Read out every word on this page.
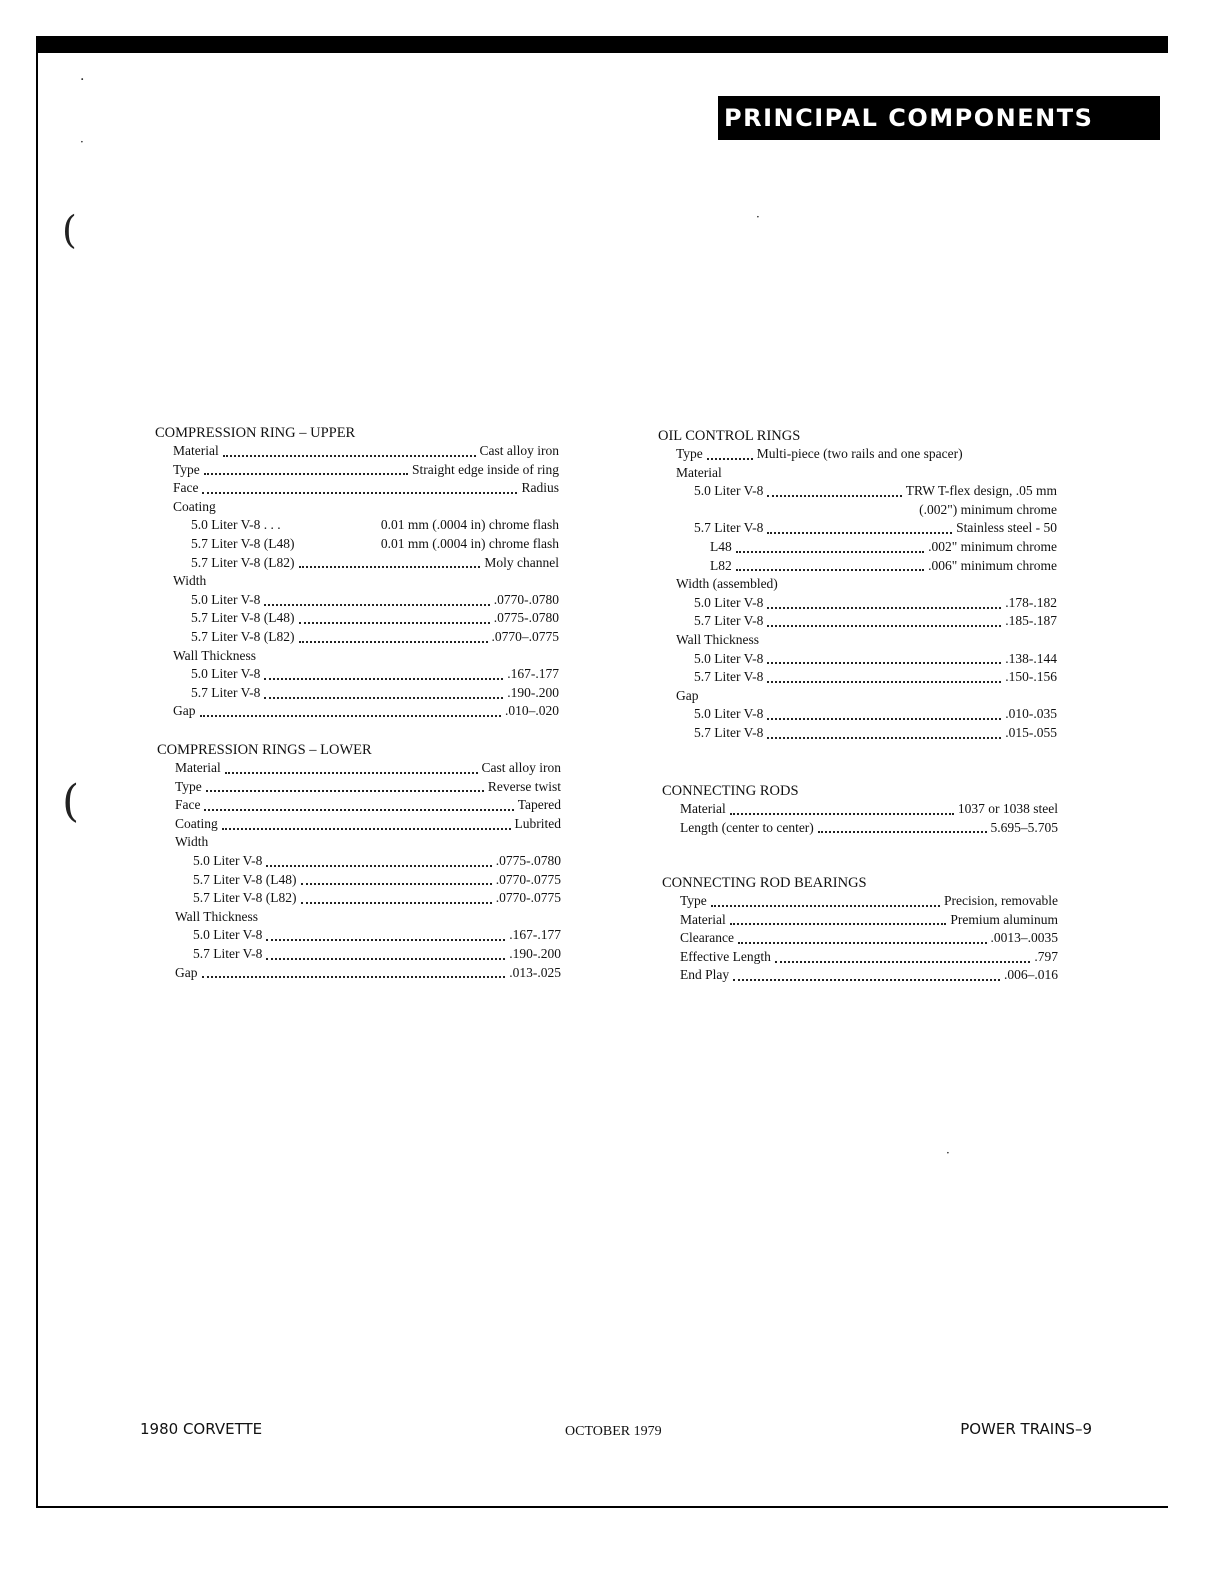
PRINCIPAL COMPONENTS
(
(
·
·
·
·
COMPRESSION RING – UPPER
Material	Cast alloy iron
Type	Straight edge inside of ring
Face	Radius
Coating
5.0 Liter V-8 . . .	0.01 mm (.0004 in) chrome flash
5.7 Liter V-8 (L48)	0.01 mm (.0004 in) chrome flash
5.7 Liter V-8 (L82)	Moly channel
Width
5.0 Liter V-8	.0770-.0780
5.7 Liter V-8 (L48)	.0775-.0780
5.7 Liter V-8 (L82)	.0770–.0775
Wall Thickness
5.0 Liter V-8	.167-.177
5.7 Liter V-8	.190-.200
Gap	.010–.020
COMPRESSION RINGS – LOWER
Material	Cast alloy iron
Type	Reverse twist
Face	Tapered
Coating	Lubrited
Width
5.0 Liter V-8	.0775-.0780
5.7 Liter V-8 (L48)	.0770-.0775
5.7 Liter V-8 (L82)	.0770-.0775
Wall Thickness
5.0 Liter V-8	.167-.177
5.7 Liter V-8	.190-.200
Gap	.013-.025
OIL CONTROL RINGS
Type	Multi-piece (two rails and one spacer)
Material
5.0 Liter V-8	TRW T-flex design, .05 mm
(.002") minimum chrome
5.7 Liter V-8	Stainless steel - 50
L48	.002" minimum chrome
L82	.006" minimum chrome
Width (assembled)
5.0 Liter V-8	.178-.182
5.7 Liter V-8	.185-.187
Wall Thickness
5.0 Liter V-8	.138-.144
5.7 Liter V-8	.150-.156
Gap
5.0 Liter V-8	.010-.035
5.7 Liter V-8	.015-.055
CONNECTING RODS
Material	1037 or 1038 steel
Length (center to center)	5.695–5.705
CONNECTING ROD BEARINGS
Type	Precision, removable
Material	Premium aluminum
Clearance	.0013–.0035
Effective Length	.797
End Play	.006–.016
1980 CORVETTE	OCTOBER 1979	POWER TRAINS–9
